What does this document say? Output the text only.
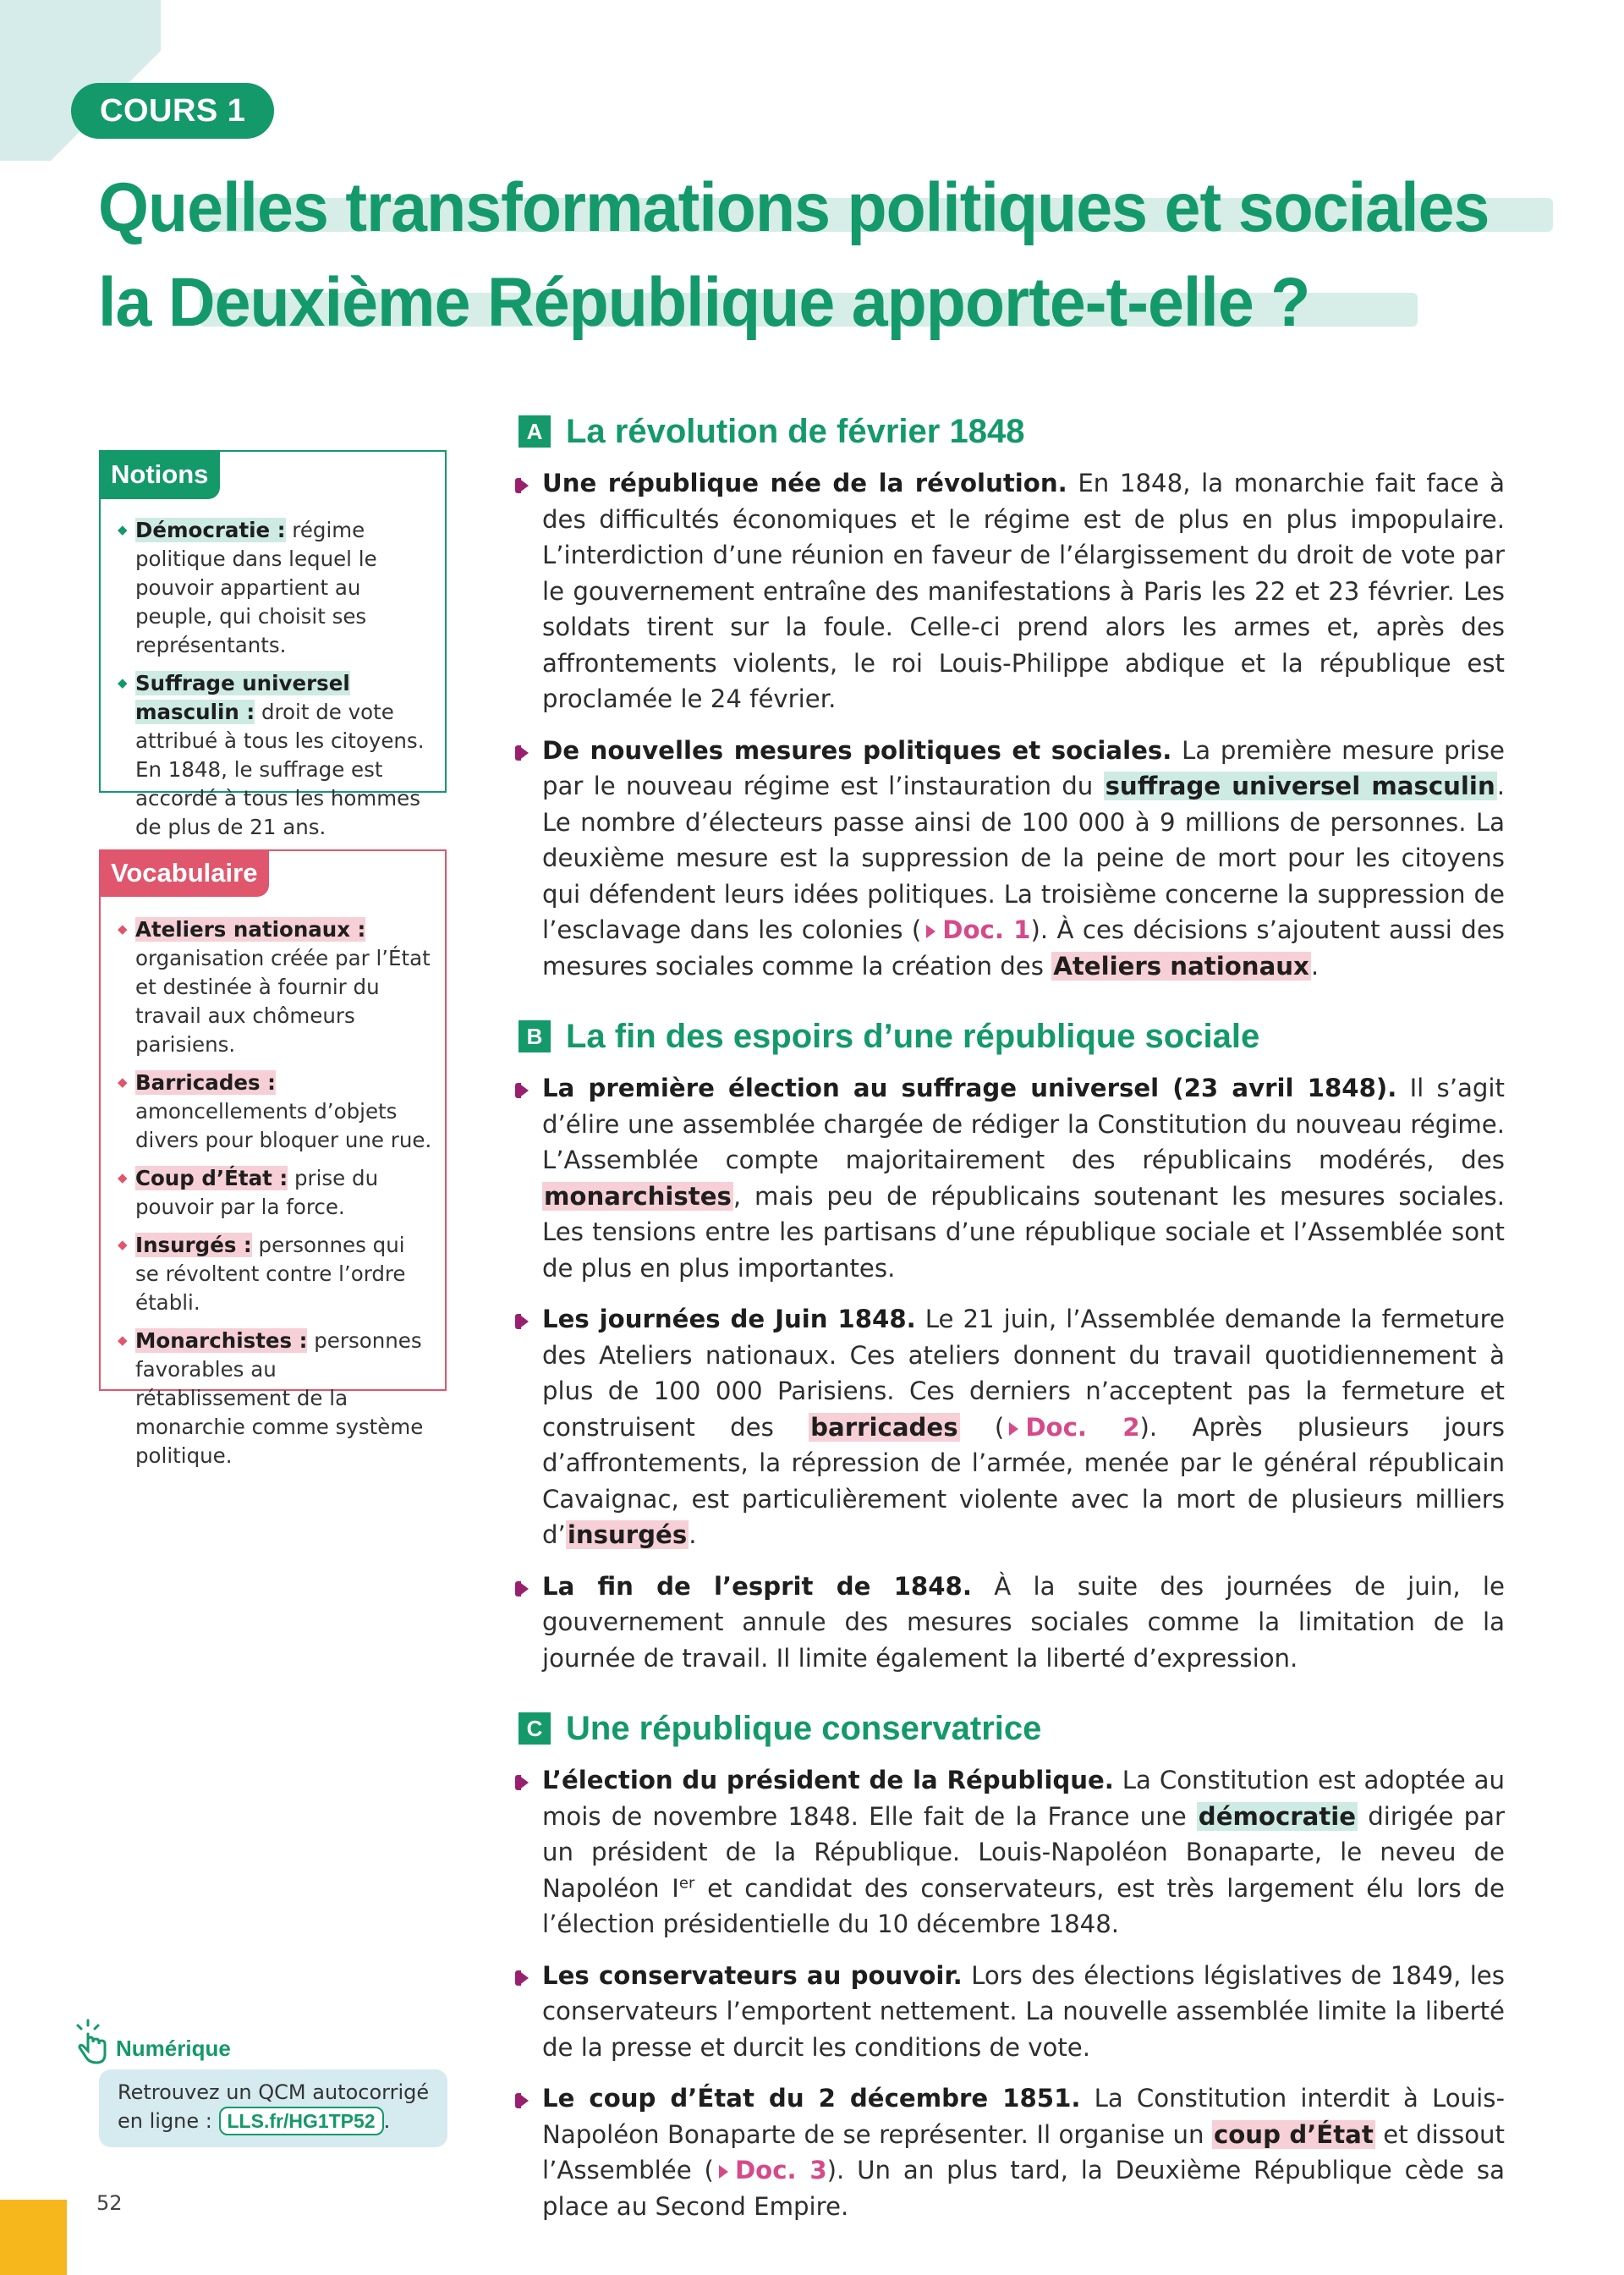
COURS 1
Quelles transformations politiques et sociales
la Deuxième République apporte-t-elle ?
Notions
◆ Démocratie : régime politique dans lequel le pouvoir appartient au peuple, qui choisit ses représentants.
◆ Suffrage universel masculin : droit de vote attribué à tous les citoyens. En 1848, le suffrage est accordé à tous les hommes de plus de 21 ans.
Vocabulaire
◆ Ateliers nationaux : organisation créée par l’État et destinée à fournir du travail aux chômeurs parisiens.
◆ Barricades : amoncellements d’objets divers pour bloquer une rue.
◆ Coup d’État : prise du pouvoir par la force.
◆ Insurgés : personnes qui se révoltent contre l’ordre établi.
◆ Monarchistes : personnes favorables au rétablissement de la monarchie comme système politique.
A La révolution de février 1848

Une république née de la révolution. En 1848, la monarchie fait face à des difficultés économiques et le régime est de plus en plus impopulaire. L’interdiction d’une réunion en faveur de l’élargissement du droit de vote par le gouvernement entraîne des manifestations à Paris les 22 et 23 février. Les soldats tirent sur la foule. Celle-ci prend alors les armes et, après des affrontements violents, le roi Louis-Philippe abdique et la république est proclamée le 24 février.

De nouvelles mesures politiques et sociales. La première mesure prise par le nouveau régime est l’instauration du suffrage universel masculin. Le nombre d’électeurs passe ainsi de 100 000 à 9 millions de personnes. La deuxième mesure est la suppression de la peine de mort pour les citoyens qui défendent leurs idées politiques. La troisième concerne la suppression de l’esclavage dans les colonies ( Doc. 1). À ces décisions s’ajoutent aussi des mesures sociales comme la création des Ateliers nationaux.

B La fin des espoirs d’une république sociale

La première élection au suffrage universel (23 avril 1848). Il s’agit d’élire une assemblée chargée de rédiger la Constitution du nouveau régime. L’Assemblée compte majoritairement des républicains modérés, des monarchistes, mais peu de républicains soutenant les mesures sociales. Les tensions entre les partisans d’une république sociale et l’Assemblée sont de plus en plus importantes.

Les journées de Juin 1848. Le 21 juin, l’Assemblée demande la fermeture des Ateliers nationaux. Ces ateliers donnent du travail quotidiennement à plus de 100 000 Parisiens. Ces derniers n’acceptent pas la fermeture et construisent des barricades ( Doc. 2). Après plusieurs jours d’affrontements, la répression de l’armée, menée par le général républicain Cavaignac, est particulièrement violente avec la mort de plusieurs milliers d’insurgés.

La fin de l’esprit de 1848. À la suite des journées de juin, le gouvernement annule des mesures sociales comme la limitation de la journée de travail. Il limite également la liberté d’expression.

C Une république conservatrice

L’élection du président de la République. La Constitution est adoptée au mois de novembre 1848. Elle fait de la France une démocratie dirigée par un président de la République. Louis-Napoléon Bonaparte, le neveu de Napoléon Ier et candidat des conservateurs, est très largement élu lors de l’élection présidentielle du 10 décembre 1848.

Les conservateurs au pouvoir. Lors des élections législatives de 1849, les conservateurs l’emportent nettement. La nouvelle assemblée limite la liberté de la presse et durcit les conditions de vote.

Le coup d’État du 2 décembre 1851. La Constitution interdit à Louis-Napoléon Bonaparte de se représenter. Il organise un coup d’État et dissout l’Assemblée ( Doc. 3). Un an plus tard, la Deuxième République cède sa place au Second Empire.

Numérique
Retrouvez un QCM autocorrigé en ligne : LLS.fr/HG1TP52 .
52
